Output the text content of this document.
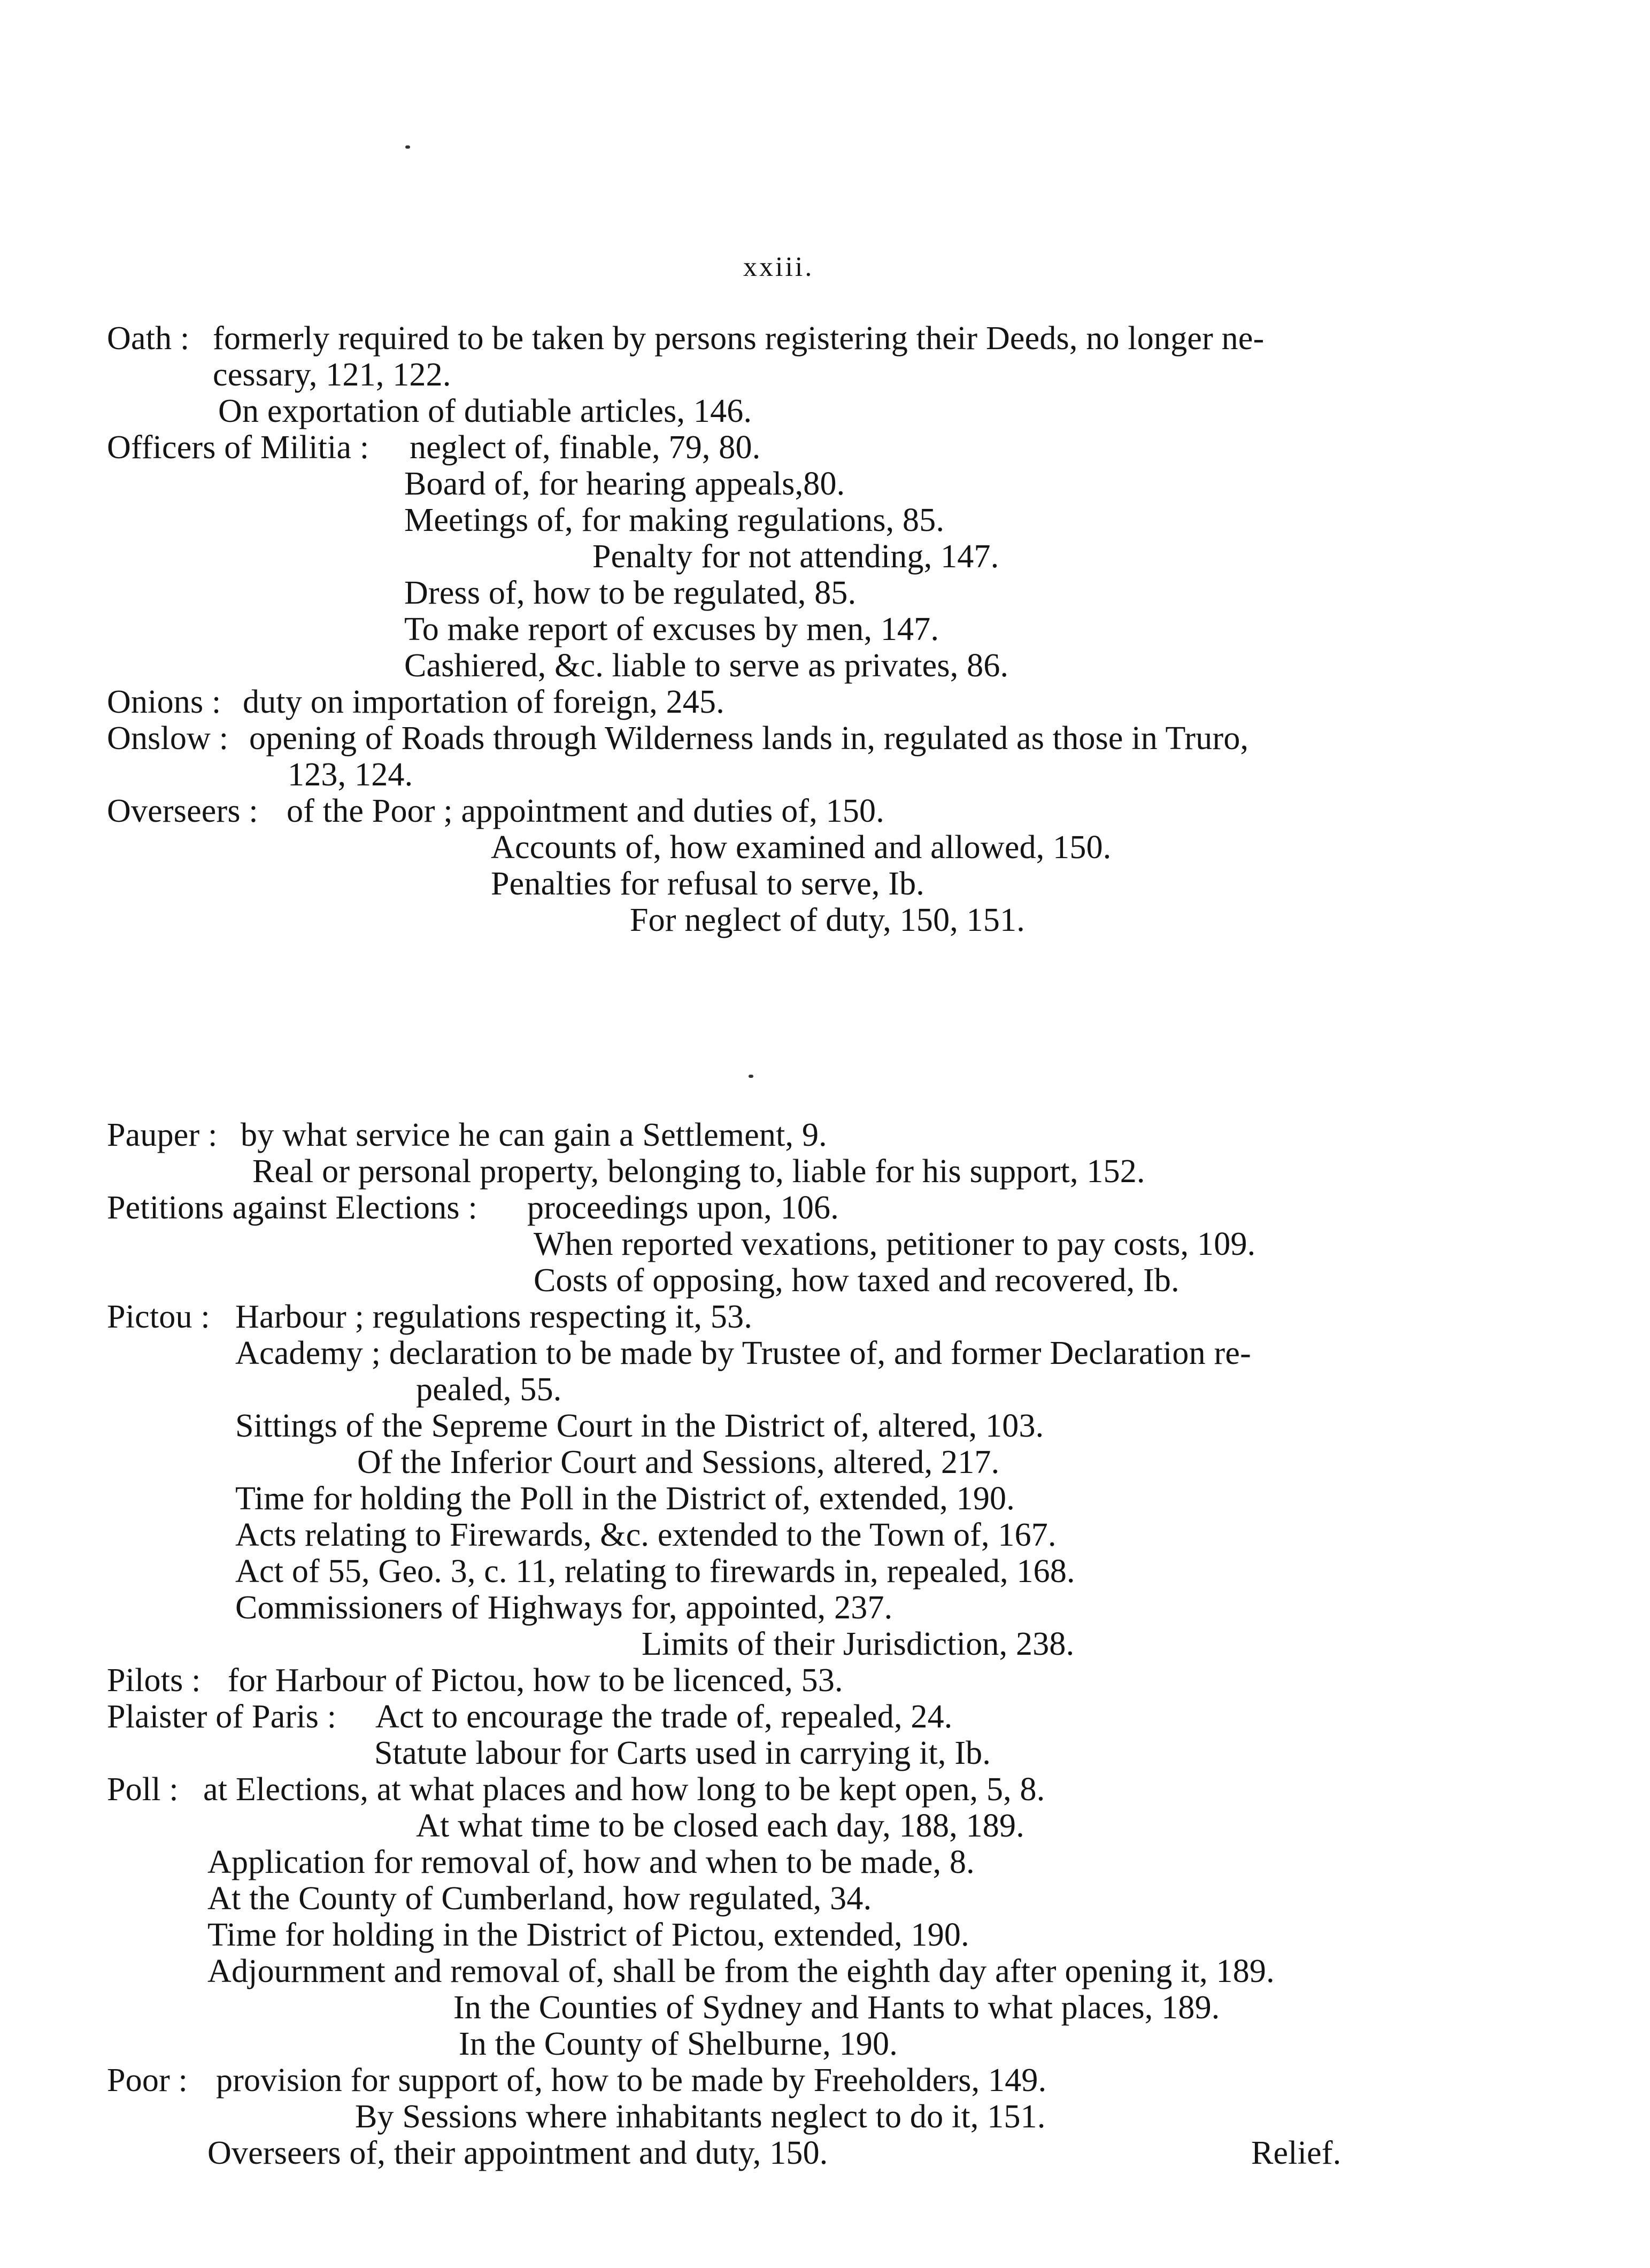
xxiii.
Oath : formerly required to be taken by persons registering their Deeds, no longer ne-
cessary, 121, 122.
On exportation of dutiable articles, 146.
Officers of Militia : neglect of, finable, 79, 80.
Board of, for hearing appeals,80.
Meetings of, for making regulations, 85.
Penalty for not attending, 147.
Dress of, how to be regulated, 85.
To make report of excuses by men, 147.
Cashiered, &c. liable to serve as privates, 86.
Onions : duty on importation of foreign, 245.
Onslow : opening of Roads through Wilderness lands in, regulated as those in Truro,
123, 124.
Overseers : of the Poor ; appointment and duties of, 150.
Accounts of, how examined and allowed, 150.
Penalties for refusal to serve, Ib.
For neglect of duty, 150, 151.
Pauper : by what service he can gain a Settlement, 9.
Real or personal property, belonging to, liable for his support, 152.
Petitions against Elections : proceedings upon, 106.
When reported vexations, petitioner to pay costs, 109.
Costs of opposing, how taxed and recovered, Ib.
Pictou : Harbour ; regulations respecting it, 53.
Academy ; declaration to be made by Trustee of, and former Declaration re-
pealed, 55.
Sittings of the Sepreme Court in the District of, altered, 103.
Of the Inferior Court and Sessions, altered, 217.
Time for holding the Poll in the District of, extended, 190.
Acts relating to Firewards, &c. extended to the Town of, 167.
Act of 55, Geo. 3, c. 11, relating to firewards in, repealed, 168.
Commissioners of Highways for, appointed, 237.
Limits of their Jurisdiction, 238.
Pilots : for Harbour of Pictou, how to be licenced, 53.
Plaister of Paris : Act to encourage the trade of, repealed, 24.
Statute labour for Carts used in carrying it, Ib.
Poll : at Elections, at what places and how long to be kept open, 5, 8.
At what time to be closed each day, 188, 189.
Application for removal of, how and when to be made, 8.
At the County of Cumberland, how regulated, 34.
Time for holding in the District of Pictou, extended, 190.
Adjournment and removal of, shall be from the eighth day after opening it, 189.
In the Counties of Sydney and Hants to what places, 189.
In the County of Shelburne, 190.
Poor : provision for support of, how to be made by Freeholders, 149.
By Sessions where inhabitants neglect to do it, 151.
Overseers of, their appointment and duty, 150.	Relief.
